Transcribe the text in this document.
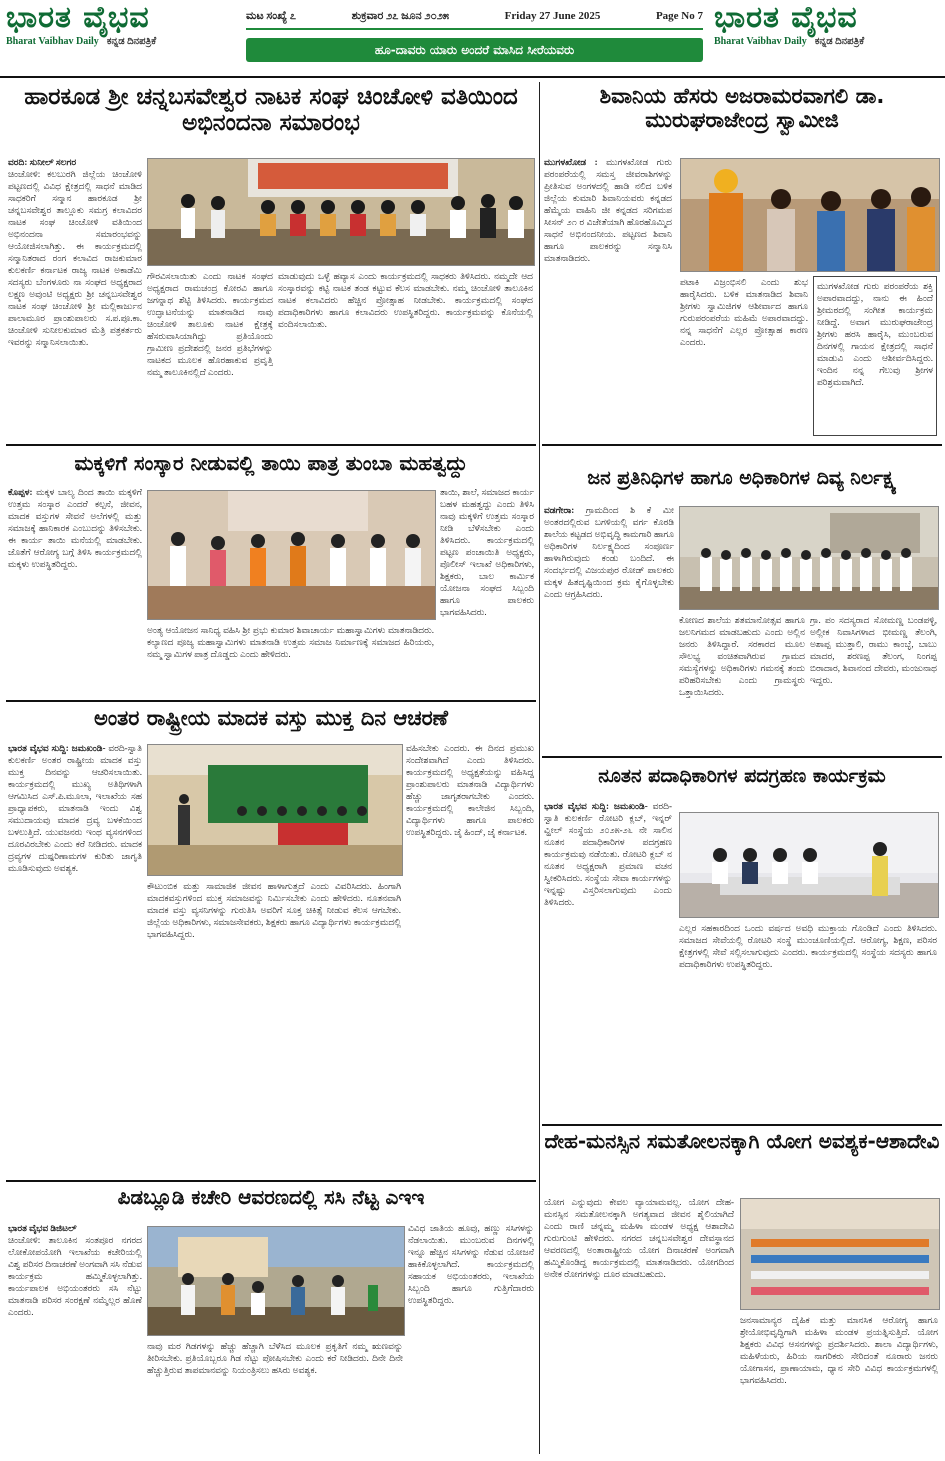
ಭಾರತ ವೈಭವ
Bharat Vaibhav Daily ಕನ್ನಡ ದಿನಪತ್ರಿಕೆ
ಮಟ ಸಂಖ್ಯೆ ೭	ಶುಕ್ರವಾರ ೨೭ ಜೂನ ೨೦೨೫	Friday 27 June 2025	Page No 7
ಹೂ-ದಾವರು ಯಾರು ಅಂದರೆ ಮಾಸಿದ ಸೀರೆಯವರು
ಭಾರತ ವೈಭವ
Bharat Vaibhav Daily ಕನ್ನಡ ದಿನಪತ್ರಿಕೆ
ಹಾರಕೂಡ ಶ್ರೀ ಚನ್ನಬಸವೇಶ್ವರ ನಾಟಕ ಸಂಘ ಚಿಂಚೋಳಿ ವತಿಯಿಂದ ಅಭಿನಂದನಾ ಸಮಾರಂಭ
ವರದಿ: ಸುನೀಲ್ ಸಲಗರ
ಚಿಂಚೋಳಿ: ಕಲಬುರಗಿ ಜಿಲ್ಲೆಯ ಚಿಂಚೋಳಿ ಪಟ್ಟಣದಲ್ಲಿ ವಿವಿಧ ಕ್ಷೇತ್ರದಲ್ಲಿ ಸಾಧನೆ ಮಾಡಿದ ಸಾಧಕರಿಗೆ ಸನ್ಮಾನ ಹಾರಕೂಡ ಶ್ರೀ ಚನ್ನಬಸವೇಶ್ವರ ತಾಲ್ಲೂಕು ಸಮಗ್ರ ಕಲಾವಿದರ ನಾಟಕ ಸಂಘ ಚಿಂಚೋಳಿ ವತಿಯಿಂದ ಅಭಿನಂದನಾ ಸಮಾರಂಭವನ್ನು ಆಯೋಜಿಸಲಾಗಿತ್ತು. ಈ ಕಾರ್ಯಕ್ರಮದಲ್ಲಿ ಸನ್ಮಾನಿತರಾದ ರಂಗ ಕಲಾವಿದ ರಾಜಕುಮಾರ ಕುಲಕರ್ಣಿ ಕರ್ನಾಟಕ ರಾಜ್ಯ ನಾಟಕ ಅಕಾಡೆಮಿ ಸದಸ್ಯರು ಬೆಂಗಳೂರು ನಾ ಸಂಘದ ಅಧ್ಯಕ್ಷರಾದ ಲಕ್ಷ್ಮಣ ಅವುಂಟಿ ಅಧ್ಯಕ್ಷರು ಶ್ರೀ ಚನ್ನಬಸವೇಶ್ವರ ನಾಟಕ ಸಂಘ ಚಿಂಚೋಳಿ ಶ್ರೀ ಮಲ್ಲಿಕಾರ್ಜುನ ಪಾಲಾಮೂರ ಪ್ರಾಂಶುಪಾಲರು ಸ.ಪ.ಪೂ.ಕಾ. ಚಿಂಚೋಳಿ ಸುನೀಲಕುಮಾರ ಮೆತ್ರಿ ಪತ್ರಕರ್ತರು ಇವರನ್ನು ಸನ್ಮಾನಿಸಲಾಯಿತು.
ಗೌರವಿಸಲಾಯಿತು ಎಂದು ನಾಟಕ ಸಂಘದ ಅಧ್ಯಕ್ಷರಾದ ರಾಮಚಂದ್ರ ಕೋರವಿ ಹಾಗೂ ಜಗನ್ನಾಥ ಶೆಟ್ಟಿ ತಿಳಿಸಿದರು. ಕಾರ್ಯಕ್ರಮದ ಉದ್ಘಾಟನೆಯನ್ನು ಮಾತನಾಡಿದ ನಾವು ಚಿಂಚೋಳಿ ತಾಲೂಕು ನಾಟಕ ಕ್ಷೇತ್ರಕ್ಕೆ ಹೆಸರುವಾಸಿಯಾಗಿದ್ದು ಪ್ರತಿಯೊಂದು ಗ್ರಾಮೀಣ ಪ್ರದೇಶದಲ್ಲಿ ಜನರ ಪ್ರತಿಭೆಗಳನ್ನು ನಾಟಕದ ಮೂಲಕ ಹೊರಹಾಕುವ ಪ್ರವೃತ್ತಿ ನಮ್ಮ ತಾಲೂಕಿನಲ್ಲಿದೆ ಎಂದರು.
ಮಾಡುವುದು ಒಳ್ಳೆ ಹವ್ಯಾಸ ಎಂದು ಕಾರ್ಯಕ್ರಮದಲ್ಲಿ ಸಾಧಕರು ತಿಳಿಸಿದರು. ನಮ್ಮದೇ ಆದ ಸಂಸ್ಕಾರವನ್ನು ಕಟ್ಟಿ ನಾಟಕ ತಂಡ ಕಟ್ಟುವ ಕೆಲಸ ಮಾಡಬೇಕು. ನಮ್ಮ ಚಿಂಚೋಳಿ ತಾಲೂಕಿನ ನಾಟಕ ಕಲಾವಿದರು ಹೆಚ್ಚಿನ ಪ್ರೋತ್ಸಾಹ ನೀಡಬೇಕು. ಕಾರ್ಯಕ್ರಮದಲ್ಲಿ ಸಂಘದ ಪದಾಧಿಕಾರಿಗಳು ಹಾಗೂ ಕಲಾವಿದರು ಉಪಸ್ಥಿತರಿದ್ದರು. ಕಾರ್ಯಕ್ರಮವನ್ನು ಕೊನೆಯಲ್ಲಿ ವಂದಿಸಲಾಯಿತು.
ಶಿವಾನಿಯ ಹೆಸರು ಅಜರಾಮರವಾಗಲಿ ಡಾ. ಮುರುಘರಾಜೇಂದ್ರ ಸ್ವಾಮೀಜಿ
ಮುಗಳಖೋಡ : ಮುಗಳಖೋಡ ಗುರು ಪರಂಪರೆಯಲ್ಲಿ ಸಮಸ್ತ ಜೀವರಾಶಿಗಳನ್ನು ಪ್ರೀತಿಸುವ ಅಂಗಳದಲ್ಲಿ ಹಾಡಿ ನಲಿದ ಬಳಿಕ ಜಿಲ್ಲೆಯ ಕುಮಾರಿ ಶಿವಾನಿಯವರು ಕನ್ನಡದ ಹೆಮ್ಮೆಯ ವಾಹಿನಿ ಜೀ ಕನ್ನಡದ ಸರಿಗಮಪ ಸೀಸನ್ ೨೧ ರ ವಿಜೇತೆಯಾಗಿ ಹೊರಹೊಮ್ಮಿದ ಸಾಧನೆ ಅಭಿನಂದನೀಯ. ಪಟ್ಟಣದ ಶಿವಾನಿ ಹಾಗೂ ಪಾಲಕರನ್ನು ಸನ್ಮಾನಿಸಿ ಮಾತನಾಡಿದರು.
ಪಟಾಕಿ ವಿಜ್ರಂಭಿಸಲಿ ಎಂದು ಶುಭ ಹಾರೈಸಿದರು. ಬಳಿಕ ಮಾತನಾಡಿದ ಶಿವಾನಿ ಶ್ರೀಗಳು ಸ್ವಾಮಿಜಿಗಳ ಆಶೀರ್ವಾದ ಹಾಗೂ ಗುರುಪರಂಪರೆಯ ಮಹಿಮೆ ಅಪಾರವಾದದ್ದು. ನನ್ನ ಸಾಧನೆಗೆ ಎಲ್ಲರ ಪ್ರೋತ್ಸಾಹ ಕಾರಣ ಎಂದರು.
ಮುಗಳಖೋಡ ಗುರು ಪರಂಪರೆಯ ಶಕ್ತಿ ಅಪಾರವಾದದ್ದು, ನಾನು ಈ ಹಿಂದೆ ಶ್ರೀಮಠದಲ್ಲಿ ಸಂಗೀತ ಕಾರ್ಯಕ್ರಮ ನೀಡಿದ್ದೆ. ಅವಾಗ ಮುರುಘರಾಜೇಂದ್ರ ಶ್ರೀಗಳು ಹರಸಿ ಹಾರೈಸಿ, ಮುಂಬರುವ ದಿನಗಳಲ್ಲಿ ಗಾಯನ ಕ್ಷೇತ್ರದಲ್ಲಿ ಸಾಧನೆ ಮಾಡುವಿ ಎಂದು ಆಶೀರ್ವದಿಸಿದ್ದರು. ಇಂದಿನ ನನ್ನ ಗೆಲುವು ಶ್ರೀಗಳ ಪರಿಶ್ರಮವಾಗಿದೆ.
ಮಕ್ಕಳಿಗೆ ಸಂಸ್ಕಾರ ನೀಡುವಲ್ಲಿ ತಾಯಿ ಪಾತ್ರ ತುಂಬಾ ಮಹತ್ವದ್ದು
ಕೊಪ್ಪಳ: ಮಕ್ಕಳ ಬಾಲ್ಯ ದಿಂದ ತಾಯಿ ಮಕ್ಕಳಿಗೆ ಉತ್ತಮ ಸಂಸ್ಕಾರ ಎಂದರೆ ಕಲ್ಪನೆ, ಜೀವನ, ಮಾದಕ ವಸ್ತುಗಳ ಸೇವನೆ ಅಲೆಗಳಲ್ಲಿ ಮತ್ತು ಸಮಾಜಕ್ಕೆ ಹಾನಿಕಾರಕ ಎಂಬುದನ್ನು ತಿಳಿಸಬೇಕು. ಈ ಕಾರ್ಯ ತಾಯಿ ಮನೆಯಲ್ಲಿ ಮಾಡಬೇಕು. ಜೊತೆಗೆ ಆರೋಗ್ಯ ಬಗ್ಗೆ ತಿಳಿಸಿ ಕಾರ್ಯಕ್ರಮದಲ್ಲಿ ಮಕ್ಕಳು ಉಪಸ್ಥಿತರಿದ್ದರು.
ಅಂತ್ಯ ಆಯೋಜನ ಸಾನಿಧ್ಯ ವಹಿಸಿ ಶ್ರೀ ಪ್ರಭು ಕುಮಾರ ಶಿವಾಚಾರ್ಯ ಮಹಾಸ್ವಾಮಿಗಳು ಮಾತನಾಡಿದರು. ಕಲ್ಯಾಣದ ಪೂಜ್ಯ ಮಹಾಸ್ವಾಮಿಗಳು ಮಾತನಾಡಿ ಉತ್ತಮ ಸಮಾಜ ನಿರ್ಮಾಣಕ್ಕೆ ಸಮಾಜದ ಹಿರಿಯರು, ನಮ್ಮ ಸ್ವಾಮಿಗಳ ಪಾತ್ರ ದೊಡ್ಡದು ಎಂದು ಹೇಳಿದರು.
ತಾಯಿ, ಶಾಲೆ, ಸಮಾಜದ ಕಾರ್ಯ ಬಹಳ ಮಹತ್ವದ್ದು ಎಂದು ತಿಳಿಸಿ ನಾವು ಮಕ್ಕಳಿಗೆ ಉತ್ತಮ ಸಂಸ್ಕಾರ ನೀಡಿ ಬೆಳೆಸಬೇಕು ಎಂದು ತಿಳಿಸಿದರು. ಕಾರ್ಯಕ್ರಮದಲ್ಲಿ ಪಟ್ಟಣ ಪಂಚಾಯಿತಿ ಅಧ್ಯಕ್ಷರು, ಪೊಲೀಸ್ ಇಲಾಖೆ ಅಧಿಕಾರಿಗಳು, ಶಿಕ್ಷಕರು, ಬಾಲ ಕಾರ್ಮಿಕ ಯೋಜನಾ ಸಂಘದ ಸಿಬ್ಬಂದಿ ಹಾಗೂ ಪಾಲಕರು ಭಾಗವಹಿಸಿದರು.
ಜನ ಪ್ರತಿನಿಧಿಗಳ ಹಾಗೂ ಅಧಿಕಾರಿಗಳ ದಿವ್ಯ ನಿರ್ಲಕ್ಷ್ಯ
ವಡಗೇರಾ: ಗ್ರಾಮದಿಂದ ಶಿ ಕೆ ಮೀ ಅಂತರದಲ್ಲಿರುವ ಬಗಳಿಯಲ್ಲಿ ವರ್ಗ ಕೊಠಡಿ ಶಾಲೆಯ ಕಟ್ಟಡದ ಅಭಿವೃದ್ಧಿ ಕಾಮಗಾರಿ ಹಾಗೂ ಅಧಿಕಾರಿಗಳ ನಿರ್ಲಕ್ಷ್ಯದಿಂದ ಸಂಪೂರ್ಣ ಹಾಳಾಗಿರುವುದು ಕಂಡು ಬಂದಿದೆ. ಈ ಸಂದರ್ಭದಲ್ಲಿ ವಿಜಯಪುರ ರೋಡ್ ಪಾಲಕರು ಮಕ್ಕಳ ಹಿತದೃಷ್ಟಿಯಿಂದ ಕ್ರಮ ಕೈಗೊಳ್ಳಬೇಕು ಎಂದು ಆಗ್ರಹಿಸಿದರು.
ಕೋಣದ ಶಾಲೆಯ ಶತಮಾನೋತ್ಸವ ಹಾಗೂ ಜಲನಿಗಮದ ಮಾಡಬಹುದು ಎಂದು ಅಲ್ಲಿನ ಜನರು ತಿಳಿಸಿದ್ದಾರೆ. ಸರಕಾರದ ಮೂಲ ಸೌಲಭ್ಯ ವಂಚಿತವಾಗಿರುವ ಗ್ರಾಮದ ಸಮಸ್ಯೆಗಳನ್ನು ಅಧಿಕಾರಿಗಳು ಗಮನಕ್ಕೆ ತಂದು ಪರಿಹರಿಸಬೇಕು ಎಂದು ಗ್ರಾಮಸ್ಥರು ಒತ್ತಾಯಿಸಿದರು.
ಗ್ರಾ. ಪಂ ಸದಸ್ಯರಾದ ಸೋಮಣ್ಣ ಬಂಡಪಳ್ಳಿ, ಅಲ್ಲೀಕ ನಿವಾಸಿಗಳಾದ ಭೀಮಣ್ಣ ತೆಲಂಗಿ, ಅಶಾಪ್ಪ ಮುತ್ತಾಲಿ, ರಾಮು ಕಾಂಬ್ಳೆ, ಬಾಬು ಮಾದರ, ಶರಣಪ್ಪ ತೆಲಂಗ, ನಿಂಗಪ್ಪ ಬಿರಾದಾರ, ಶಿವಾನಂದ ದೇವರು, ಮಂಜುನಾಥ ಇದ್ದರು.
ಅಂತರ ರಾಷ್ಟ್ರೀಯ ಮಾದಕ ವಸ್ತು ಮುಕ್ತ ದಿನ ಆಚರಣೆ
ಭಾರತ ವೈಭವ ಸುದ್ದಿ: ಜಮಖಂಡಿ- ವರದಿ-ಸ್ವಾತಿ ಕುಲಕರ್ಣಿ ಅಂತರ ರಾಷ್ಟ್ರೀಯ ಮಾದಕ ವಸ್ತು ಮುಕ್ತ ದಿನವನ್ನು ಆಚರಿಸಲಾಯಿತು. ಕಾರ್ಯಕ್ರಮದಲ್ಲಿ ಮುಖ್ಯ ಅತಿಥಿಗಳಾಗಿ ಆಗಮಿಸಿದ ಎಸ್.ಪಿ.ಮೂಲಾ, ಇಲಾಖೆಯ ಸಹ ಪ್ರಾಧ್ಯಾಪಕರು, ಮಾತನಾಡಿ ಇಂದು ವಿಶ್ವ ಸಮುದಾಯವು ಮಾದಕ ದ್ರವ್ಯ ಬಳಕೆಯಿಂದ ಬಳಲುತ್ತಿದೆ. ಯುವಜನರು ಇಂಥ ವ್ಯಸನಗಳಿಂದ ದೂರವಿರಬೇಕು ಎಂದು ಕರೆ ನೀಡಿದರು. ಮಾದಕ ದ್ರವ್ಯಗಳ ದುಷ್ಪರಿಣಾಮಗಳ ಕುರಿತು ಜಾಗೃತಿ ಮೂಡಿಸುವುದು ಅವಶ್ಯಕ.
ಕೌಟುಂಬಿಕ ಮತ್ತು ಸಾಮಾಜಿಕ ಜೀವನ ಹಾಳಾಗುತ್ತದೆ ಎಂದು ವಿವರಿಸಿದರು. ಹಿಂಗಾಗಿ ಮಾದಕವಸ್ತುಗಳಿಂದ ಮುಕ್ತ ಸಮಾಜವನ್ನು ನಿರ್ಮಿಸಬೇಕು ಎಂದು ಹೇಳಿದರು. ನೂತನವಾಗಿ ಮಾದಕ ವಸ್ತು ವ್ಯಸನಿಗಳನ್ನು ಗುರುತಿಸಿ ಅವರಿಗೆ ಸೂಕ್ತ ಚಿಕಿತ್ಸೆ ನೀಡುವ ಕೆಲಸ ಆಗಬೇಕು. ಜಿಲ್ಲೆಯ ಅಧಿಕಾರಿಗಳು, ಸಮಾಜಸೇವಕರು, ಶಿಕ್ಷಕರು ಹಾಗೂ ವಿದ್ಯಾರ್ಥಿಗಳು ಕಾರ್ಯಕ್ರಮದಲ್ಲಿ ಭಾಗವಹಿಸಿದ್ದರು.
ವಹಿಸಬೇಕು ಎಂದರು. ಈ ದಿನದ ಪ್ರಮುಖ ಸಂದೇಶವಾಗಿದೆ ಎಂದು ತಿಳಿಸಿದರು. ಕಾರ್ಯಕ್ರಮದಲ್ಲಿ ಅಧ್ಯಕ್ಷತೆಯನ್ನು ವಹಿಸಿದ್ದ ಪ್ರಾಂಶುಪಾಲರು ಮಾತನಾಡಿ ವಿದ್ಯಾರ್ಥಿಗಳು ಹೆಚ್ಚು ಜಾಗೃತರಾಗಬೇಕು ಎಂದರು. ಕಾರ್ಯಕ್ರಮದಲ್ಲಿ ಕಾಲೇಜಿನ ಸಿಬ್ಬಂದಿ, ವಿದ್ಯಾರ್ಥಿಗಳು ಹಾಗೂ ಪಾಲಕರು ಉಪಸ್ಥಿತರಿದ್ದರು. ಜೈ ಹಿಂದ್, ಜೈ ಕರ್ನಾಟಕ.
ನೂತನ ಪದಾಧಿಕಾರಿಗಳ ಪದಗ್ರಹಣ ಕಾರ್ಯಕ್ರಮ
ಭಾರತ ವೈಭವ ಸುದ್ದಿ: ಜಮಖಂಡಿ- ವರದಿ-ಸ್ವಾತಿ ಕುಲಕರ್ಣಿ ರೋಟರಿ ಕ್ಲಬ್, ಇನ್ನರ್ ವ್ಹೀಲ್ ಸಂಸ್ಥೆಯ ೨೦೨೫-೨೬ ನೇ ಸಾಲಿನ ನೂತನ ಪದಾಧಿಕಾರಿಗಳ ಪದಗ್ರಹಣ ಕಾರ್ಯಕ್ರಮವು ನಡೆಯಿತು. ರೋಟರಿ ಕ್ಲಬ್ ನ ನೂತನ ಅಧ್ಯಕ್ಷರಾಗಿ ಪ್ರಮಾಣ ವಚನ ಸ್ವೀಕರಿಸಿದರು. ಸಂಸ್ಥೆಯ ಸೇವಾ ಕಾರ್ಯಗಳನ್ನು ಇನ್ನಷ್ಟು ವಿಸ್ತರಿಸಲಾಗುವುದು ಎಂದು ತಿಳಿಸಿದರು.
ಎಲ್ಲರ ಸಹಕಾರದಿಂದ ಒಂದು ವರ್ಷದ ಅವಧಿ ಮುಕ್ತಾಯ ಗೊಂಡಿದೆ ಎಂದು ತಿಳಿಸಿದರು. ಸಮಾಜದ ಸೇವೆಯಲ್ಲಿ ರೋಟರಿ ಸಂಸ್ಥೆ ಮುಂಚೂಣಿಯಲ್ಲಿದೆ. ಆರೋಗ್ಯ, ಶಿಕ್ಷಣ, ಪರಿಸರ ಕ್ಷೇತ್ರಗಳಲ್ಲಿ ಸೇವೆ ಸಲ್ಲಿಸಲಾಗುವುದು ಎಂದರು. ಕಾರ್ಯಕ್ರಮದಲ್ಲಿ ಸಂಸ್ಥೆಯ ಸದಸ್ಯರು ಹಾಗೂ ಪದಾಧಿಕಾರಿಗಳು ಉಪಸ್ಥಿತರಿದ್ದರು.
ದೇಹ-ಮನಸ್ಸಿನ ಸಮತೋಲನಕ್ಕಾಗಿ ಯೋಗ ಅವಶ್ಯಕ-ಆಶಾದೇವಿ
ಯೋಗ ಎನ್ನುವುದು ಕೇವಲ ವ್ಯಾಯಾಮವಲ್ಲ. ಯೋಗ ದೇಹ-ಮನಸ್ಸಿನ ಸಮತೋಲನಕ್ಕಾಗಿ ಅಗತ್ಯವಾದ ಜೀವನ ಶೈಲಿಯಾಗಿದೆ ಎಂದು ರಾಣಿ ಚನ್ನಮ್ಮ ಮಹಿಳಾ ಮಂಡಳ ಅಧ್ಯಕ್ಷ ಆಶಾದೇವಿ ಗುರುಗುಂಟಿ ಹೇಳಿದರು. ನಗರದ ಚನ್ನಬಸವೇಶ್ವರ ದೇವಸ್ಥಾನದ ಆವರಣದಲ್ಲಿ ಅಂತಾರಾಷ್ಟ್ರೀಯ ಯೋಗ ದಿನಾಚರಣೆ ಅಂಗವಾಗಿ ಹಮ್ಮಿಕೊಂಡಿದ್ದ ಕಾರ್ಯಕ್ರಮದಲ್ಲಿ ಮಾತನಾಡಿದರು. ಯೋಗದಿಂದ ಅನೇಕ ರೋಗಗಳನ್ನು ದೂರ ಮಾಡಬಹುದು.
ಜನಸಾಮಾನ್ಯರ ದೈಹಿಕ ಮತ್ತು ಮಾನಸಿಕ ಆರೋಗ್ಯ ಹಾಗೂ ಶ್ರೇಯೋಭಿವೃದ್ಧಿಗಾಗಿ ಮಹಿಳಾ ಮಂಡಳ ಪ್ರಯತ್ನಿಸುತ್ತಿದೆ. ಯೋಗ ಶಿಕ್ಷಕರು ವಿವಿಧ ಆಸನಗಳನ್ನು ಪ್ರದರ್ಶಿಸಿದರು. ಶಾಲಾ ವಿದ್ಯಾರ್ಥಿಗಳು, ಮಹಿಳೆಯರು, ಹಿರಿಯ ನಾಗರಿಕರು ಸೇರಿದಂತೆ ನೂರಾರು ಜನರು ಯೋಗಾಸನ, ಪ್ರಾಣಾಯಾಮ, ಧ್ಯಾನ ಸೇರಿ ವಿವಿಧ ಕಾರ್ಯಕ್ರಮಗಳಲ್ಲಿ ಭಾಗವಹಿಸಿದರು.
ಪಿಡಬ್ಲೂಡಿ ಕಚೇರಿ ಆವರಣದಲ್ಲಿ ಸಸಿ ನೆಟ್ಟ ಎಇಇ
ಭಾರತ ವೈಭವ ಡಿಜಿಟಲ್
ಚಿಂಚೋಳಿ: ತಾಲೂಕಿನ ಸಂತಪೂರ ನಗರದ ಲೋಕೋಪಯೋಗಿ ಇಲಾಖೆಯ ಕಚೇರಿಯಲ್ಲಿ ವಿಶ್ವ ಪರಿಸರ ದಿನಾಚರಣೆ ಅಂಗವಾಗಿ ಸಸಿ ನೆಡುವ ಕಾರ್ಯಕ್ರಮ ಹಮ್ಮಿಕೊಳ್ಳಲಾಗಿತ್ತು. ಕಾರ್ಯಪಾಲಕ ಅಭಿಯಂತರರು ಸಸಿ ನೆಟ್ಟು ಮಾತನಾಡಿ ಪರಿಸರ ಸಂರಕ್ಷಣೆ ನಮ್ಮೆಲ್ಲರ ಹೊಣೆ ಎಂದರು.
ನಾವು ಮರ ಗಿಡಗಳನ್ನು ಹೆಚ್ಚು ಹೆಚ್ಚಾಗಿ ಬೆಳೆಸಿದ ಮೂಲಕ ಪ್ರಕೃತಿಗೆ ನಮ್ಮ ಋಣವನ್ನು ತೀರಿಸಬೇಕು. ಪ್ರತಿಯೊಬ್ಬರೂ ಗಿಡ ನೆಟ್ಟು ಪೋಷಿಸಬೇಕು ಎಂದು ಕರೆ ನೀಡಿದರು. ದಿನೇ ದಿನೇ ಹೆಚ್ಚುತ್ತಿರುವ ತಾಪಮಾನವನ್ನು ನಿಯಂತ್ರಿಸಲು ಹಸಿರು ಅವಶ್ಯಕ.
ವಿವಿಧ ಜಾತಿಯ ಹೂವು, ಹಣ್ಣು ಸಸಿಗಳನ್ನು ನೆಡಲಾಯಿತು. ಮುಂಬರುವ ದಿನಗಳಲ್ಲಿ ಇನ್ನೂ ಹೆಚ್ಚಿನ ಸಸಿಗಳನ್ನು ನೆಡುವ ಯೋಜನೆ ಹಾಕಿಕೊಳ್ಳಲಾಗಿದೆ. ಕಾರ್ಯಕ್ರಮದಲ್ಲಿ ಸಹಾಯಕ ಅಭಿಯಂತರರು, ಇಲಾಖೆಯ ಸಿಬ್ಬಂದಿ ಹಾಗೂ ಗುತ್ತಿಗೆದಾರರು ಉಪಸ್ಥಿತರಿದ್ದರು.
